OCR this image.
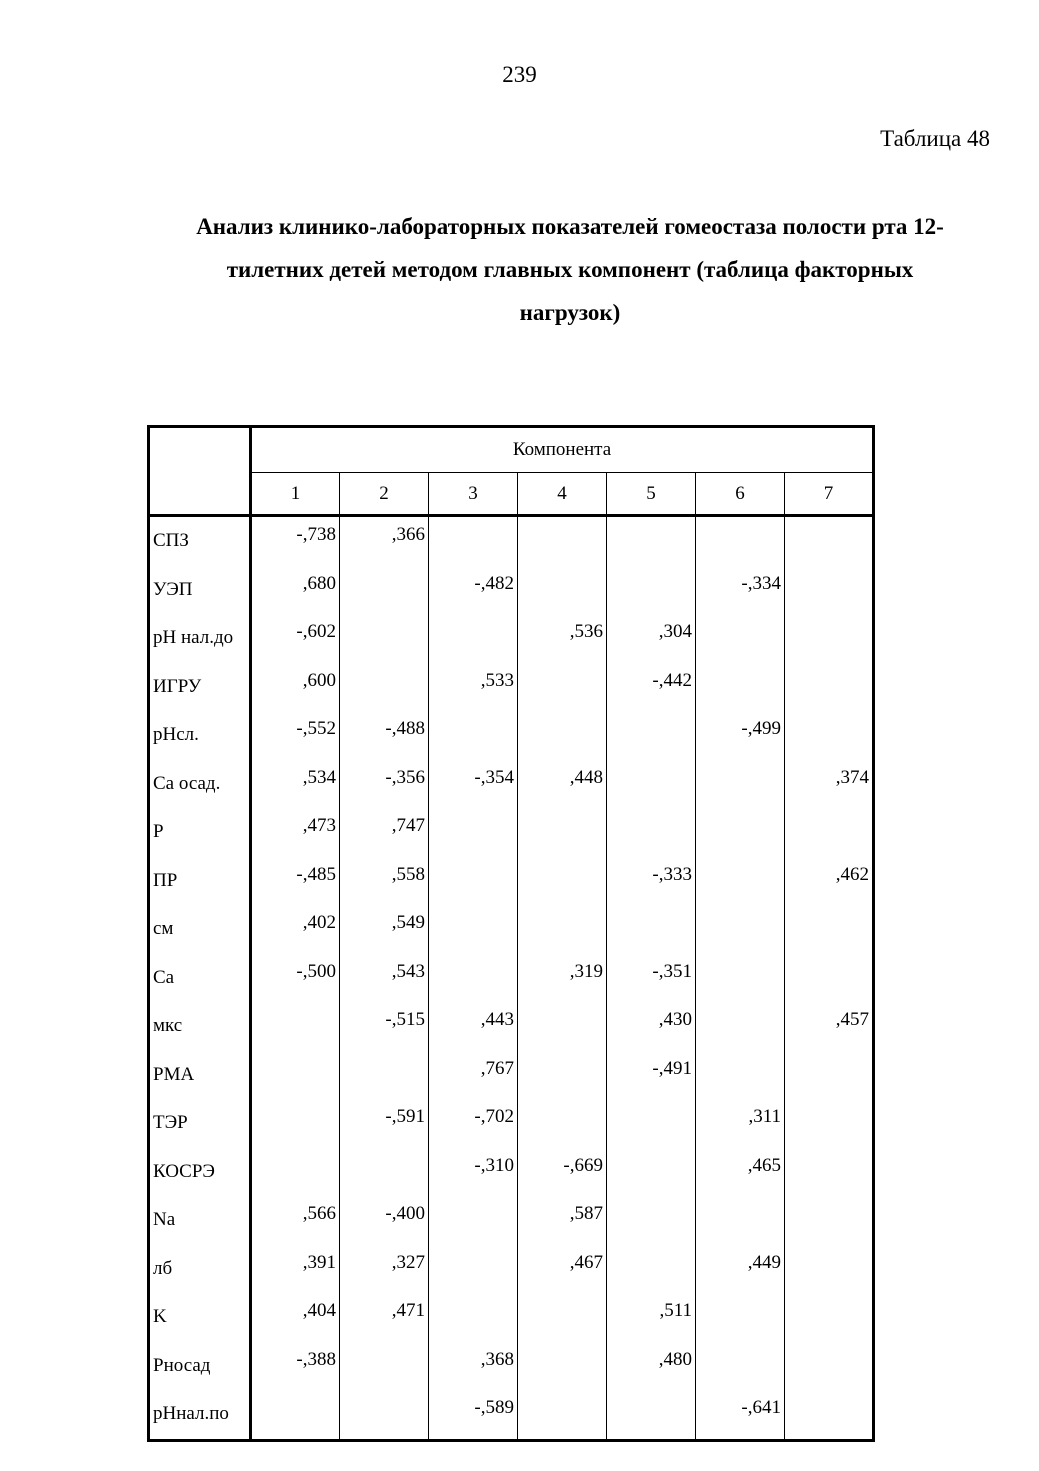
239
Таблица 48
Анализ клинико-лабораторных показателей гомеостаза полости рта 12-
тилетних детей методом главных компонент (таблица факторных
нагрузок)
	Компонента						
	1	2	3	4	5	6	7
СПЗ	-,738	,366					
УЭП	,680		-,482			-,334	
pH нал.до	-,602			,536	,304		
ИГРУ	,600		,533		-,442		
pHсл.	-,552	-,488				-,499	
Ca осад.	,534	-,356	-,354	,448			,374
P	,473	,747					
ПР	-,485	,558			-,333		,462
см	,402	,549					
Ca	-,500	,543		,319	-,351		
мкс		-,515	,443		,430		,457
РМА			,767		-,491		
ТЭР		-,591	-,702			,311	
КОСРЭ			-,310	-,669		,465	
Na	,566	-,400		,587			
лб	,391	,327		,467		,449	
K	,404	,471			,511		
Pносад	-,388		,368		,480		
pHнал.по			-,589			-,641	
